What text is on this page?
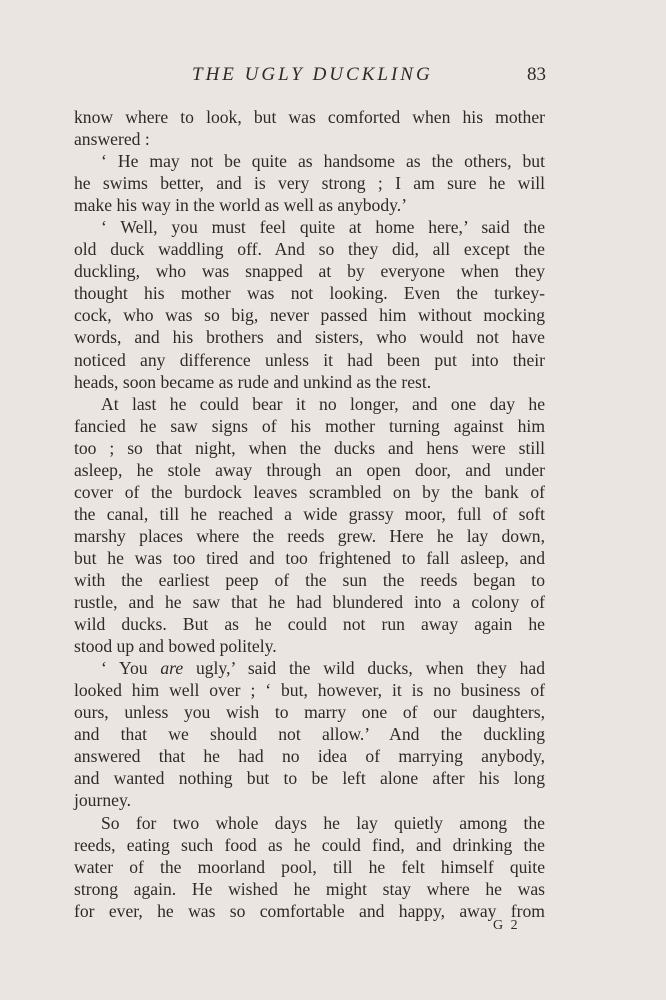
THE UGLY DUCKLING	83
know where to look, but was comforted when his mother
answered :
‘ He may not be quite as handsome as the others, but
he swims better, and is very strong ; I am sure he will
make his way in the world as well as anybody.’
‘ Well, you must feel quite at home here,’ said the
old duck waddling off. And so they did, all except the
duckling, who was snapped at by everyone when they
thought his mother was not looking. Even the turkey-
cock, who was so big, never passed him without mocking
words, and his brothers and sisters, who would not have
noticed any difference unless it had been put into their
heads, soon became as rude and unkind as the rest.
At last he could bear it no longer, and one day he
fancied he saw signs of his mother turning against him
too ; so that night, when the ducks and hens were still
asleep, he stole away through an open door, and under
cover of the burdock leaves scrambled on by the bank of
the canal, till he reached a wide grassy moor, full of soft
marshy places where the reeds grew. Here he lay down,
but he was too tired and too frightened to fall asleep, and
with the earliest peep of the sun the reeds began to
rustle, and he saw that he had blundered into a colony of
wild ducks. But as he could not run away again he
stood up and bowed politely.
‘ You are ugly,’ said the wild ducks, when they had
looked him well over ; ‘ but, however, it is no business of
ours, unless you wish to marry one of our daughters,
and that we should not allow.’ And the duckling
answered that he had no idea of marrying anybody,
and wanted nothing but to be left alone after his long
journey.
So for two whole days he lay quietly among the
reeds, eating such food as he could find, and drinking the
water of the moorland pool, till he felt himself quite
strong again. He wished he might stay where he was
for ever, he was so comfortable and happy, away from
G 2
